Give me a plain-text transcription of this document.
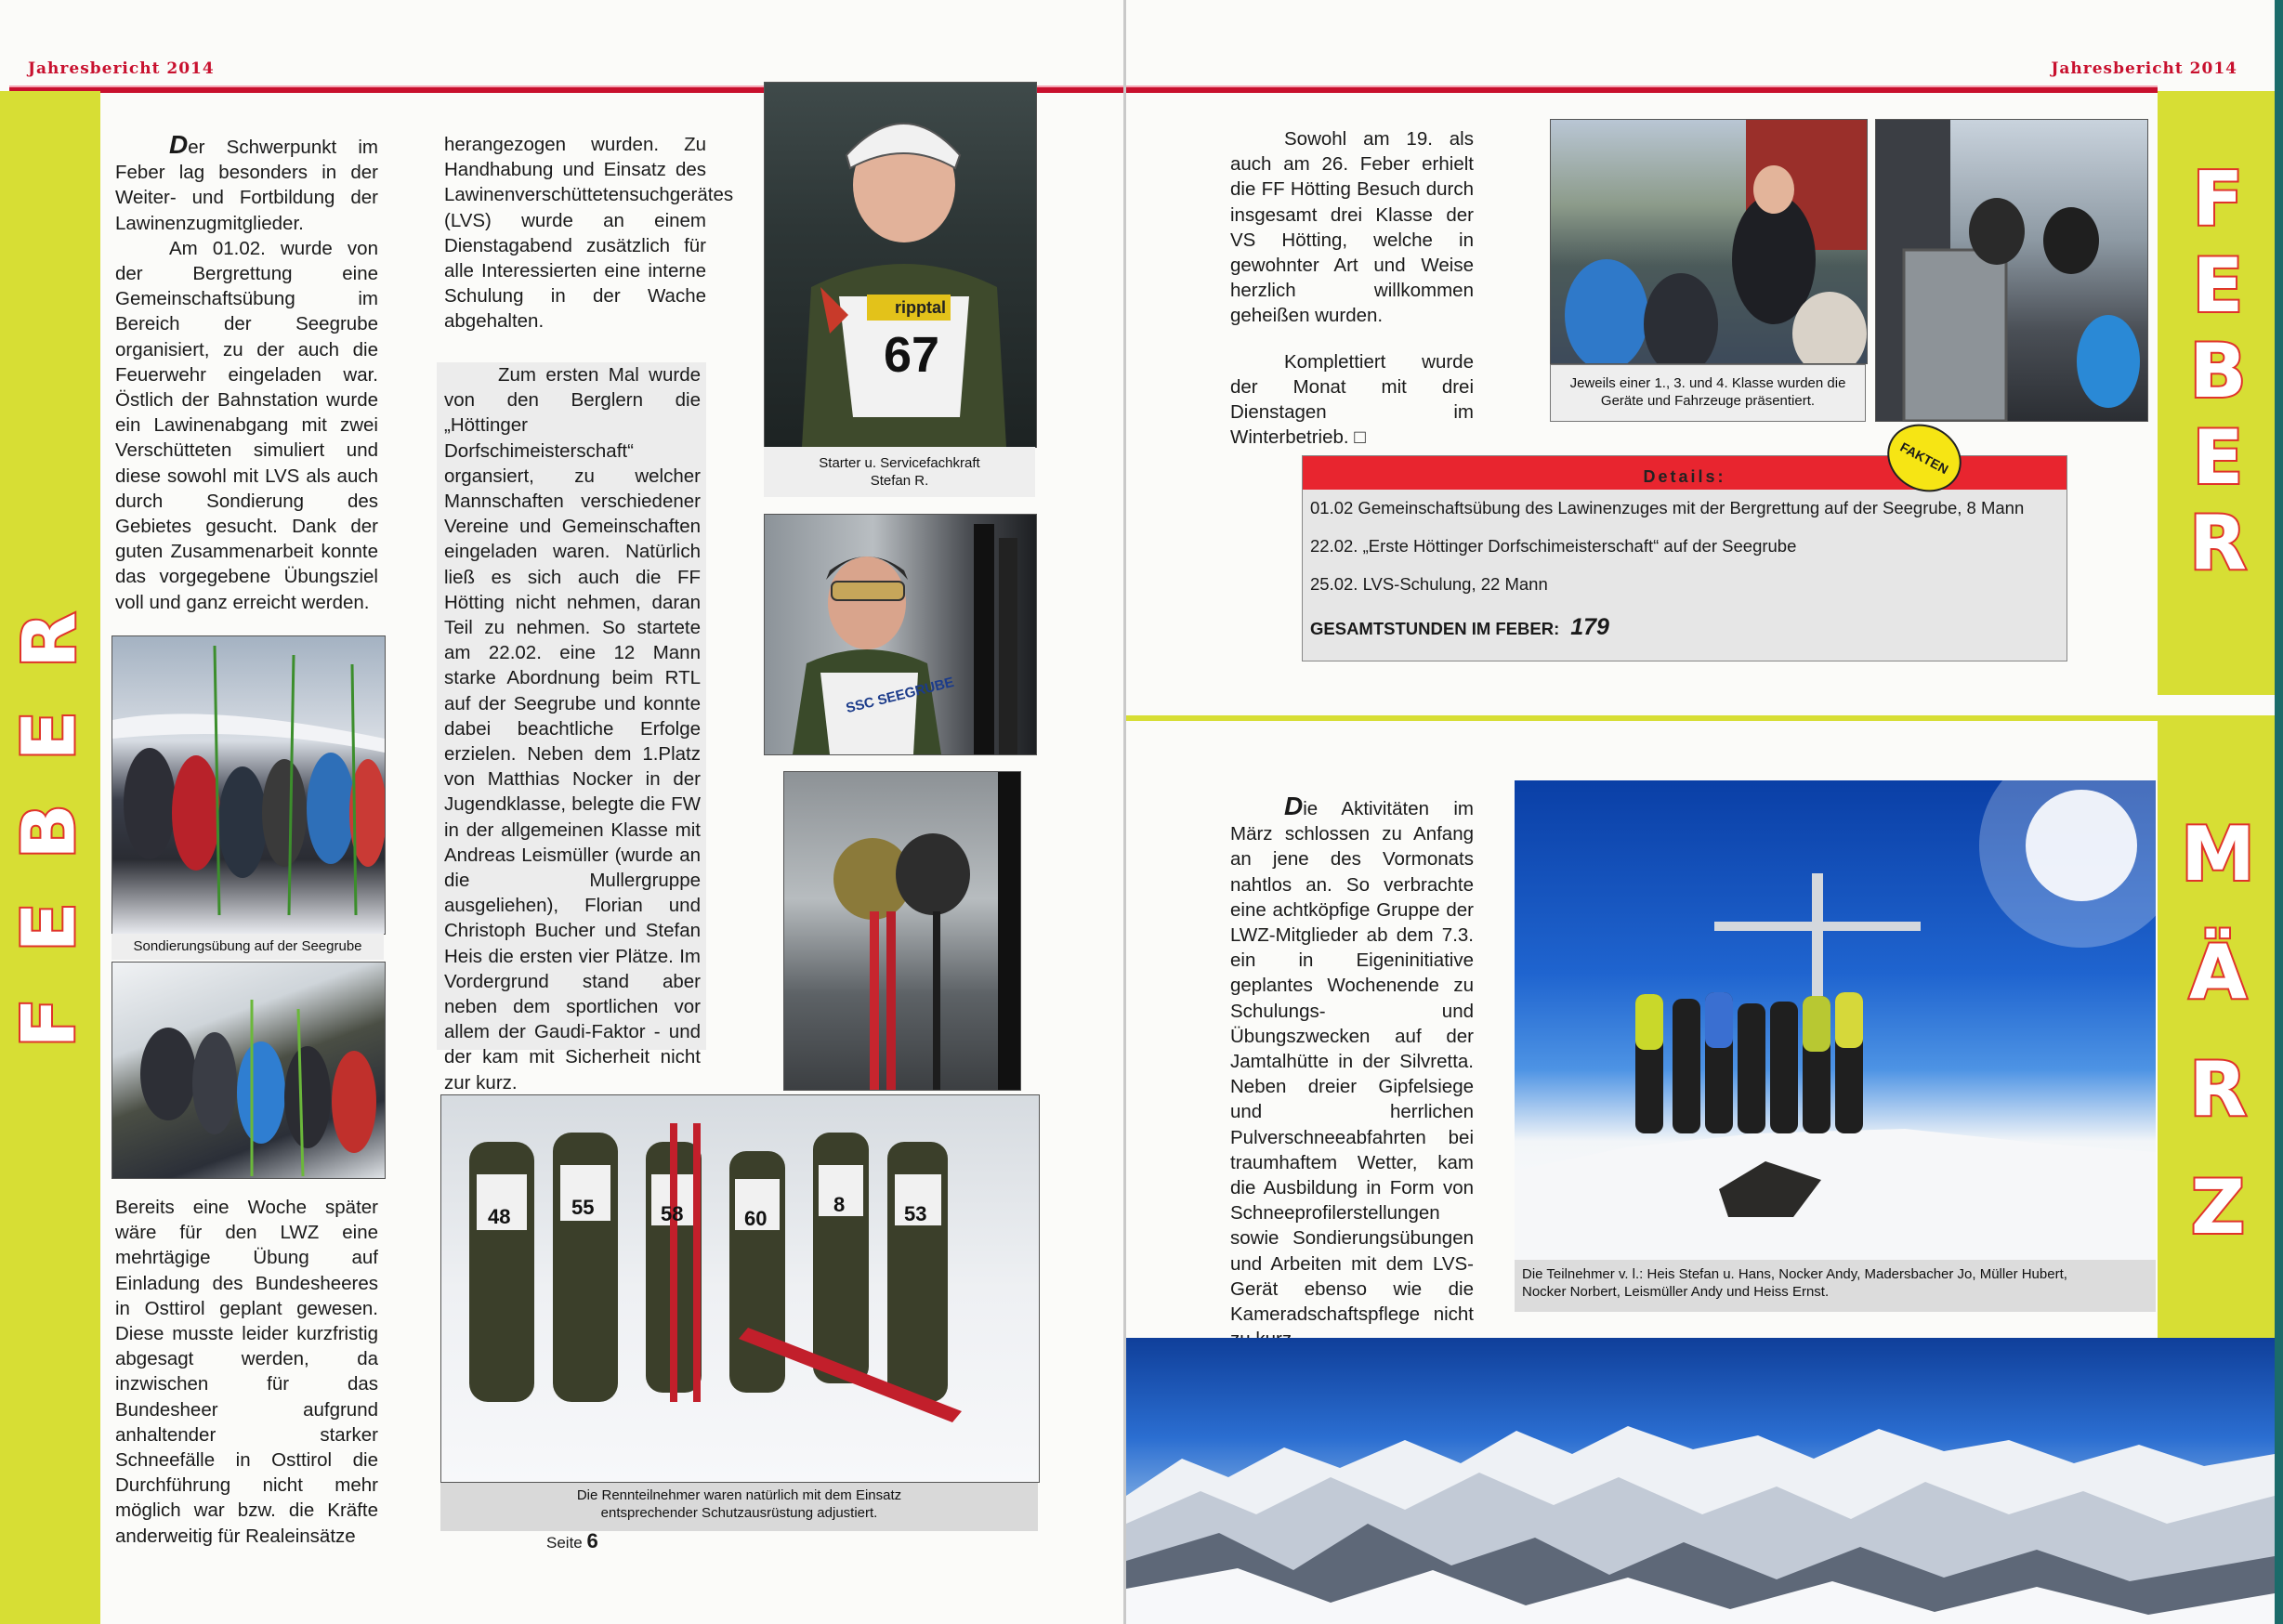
Jahresbericht 2014
F
E
B
E
R

Der Schwerpunkt im Feber lag besonders in der Weiter- und Fortbildung der Lawinenzugmitglieder.

Am 01.02. wurde von der Bergrettung eine Gemeinschaftsübung im Bereich der Seegrube organisiert, zu der auch die Feuerwehr eingeladen war. Östlich der Bahnstation wurde ein Lawinenabgang mit zwei Verschütteten simuliert und diese sowohl mit LVS als auch durch Sondierung des Gebietes gesucht. Dank der guten Zusammenarbeit konnte das vorgegebene Übungsziel voll und ganz erreicht werden.

Sondierungsübung auf der Seegrube

Bereits eine Woche später wäre für den LWZ eine mehrtägige Übung auf Einladung des Bundesheeres in Osttirol geplant gewesen. Diese musste leider kurzfristig abgesagt werden, da inzwischen für das Bundesheer aufgrund anhaltender starker Schneefälle in Osttirol die Durchführung nicht mehr möglich war bzw. die Kräfte anderweitig für Realeinsätze

herangezogen wurden. Zu Handhabung und Einsatz des Lawinenverschüttetensuchgerätes (LVS) wurde an einem Dienstagabend zusätzlich für alle Interessierten eine interne Schulung in der Wache abgehalten.

Zum ersten Mal wurde von den Berglern die „Höttinger Dorfschimeisterschaft“ organsiert, zu welcher Mannschaften verschiedener Vereine und Gemeinschaften eingeladen waren. Natürlich ließ es sich auch die FF Hötting nicht nehmen, daran Teil zu nehmen. So startete am 22.02. eine 12 Mann starke Abordnung beim RTL auf der Seegrube und konnte dabei beachtliche Erfolge erzielen. Neben dem 1.Platz von Matthias Nocker in der Jugendklasse, belegte die FW in der allgemeinen Klasse mit Andreas Leismüller (wurde an die Mullergruppe ausgeliehen), Florian und Christoph Bucher und Stefan Heis die ersten vier Plätze. Im Vordergrund stand aber neben dem sportlichen vor allem der Gaudi-Faktor - und der kam mit Sicherheit nicht zur kurz.

ripptal
67
Starter u. Servicefachkraft
Stefan R.
SSC SEEGRUBE
48	55	58	60
8	53
Die Rennteilnehmer waren natürlich mit dem Einsatz
entsprechender Schutzausrüstung adjustiert.
Seite 6
Jahresbericht 2014
F
E
B
E
R
M
Ä
R
Z

Sowohl am 19. als auch am 26. Feber erhielt die FF Hötting Besuch durch insgesamt drei Klasse der VS Hötting, welche in gewohnter Art und Weise herzlich willkommen geheißen wurden.

Komplettiert wurde der Monat mit drei Dienstagen im Winterbetrieb. □

Jeweils einer 1., 3. und 4. Klasse wurden die
Geräte und Fahrzeuge präsentiert.

Die Aktivitäten im März schlossen zu Anfang an jene des Vormonats nahtlos an. So verbrachte eine achtköpfige Gruppe der LWZ-Mitglieder ab dem 7.3. ein in Eigeninitiative geplantes Wochenende zu Schulungs- und Übungszwecken auf der Jamtalhütte in der Silvretta. Neben dreier Gipfelsiege und herrlichen Pulverschneeabfahrten bei traumhaftem Wetter, kam die Ausbildung in Form von Schneeprofilerstellungen sowie Sondierungsübungen und Arbeiten mit dem LVS-Gerät ebenso wie die Kameradschaftspflege nicht

Die Teilnehmer v. l.: Heis Stefan u. Hans, Nocker Andy, Madersbacher Jo, Müller Hubert,
Nocker Norbert, Leismüller Andy und Heiss Ernst.
Details:
01.02 Gemeinschaftsübung des Lawinenzuges mit der Bergrettung auf der Seegrube, 8 Mann
22.02. „Erste Höttinger Dorfschimeisterschaft“ auf der Seegrube
25.02. LVS-Schulung, 22 Mann
GESAMTSTUNDEN IM FEBER: 179
FAKTEN
